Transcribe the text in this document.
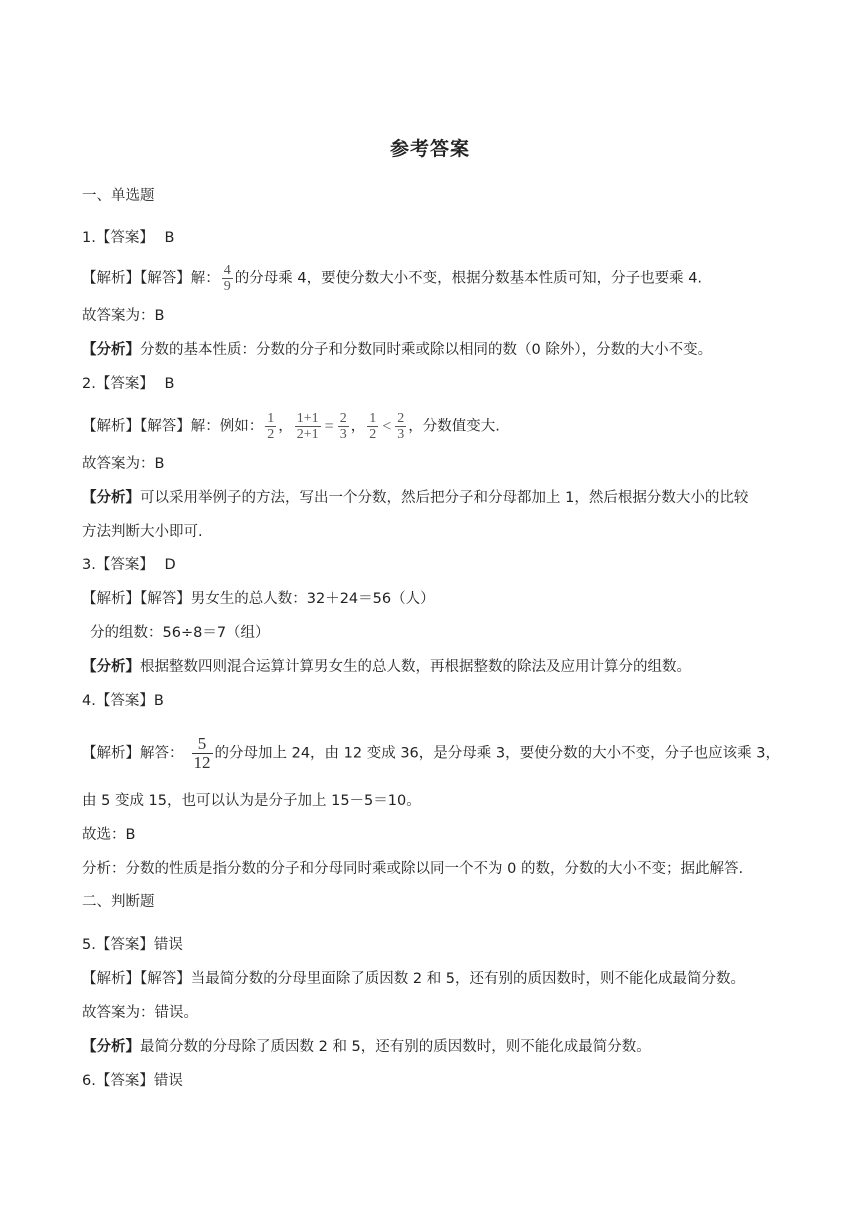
参考答案
一、单选题
1.【答案】 B
【解析】【解答】解： $\frac{4}{9}$ 的分母乘 4，要使分数大小不变，根据分数基本性质可知，分子也要乘 4.
故答案为：B
【分析】分数的基本性质：分数的分子和分数同时乘或除以相同的数（0 除外），分数的大小不变。
2.【答案】 B
【解析】【解答】解：例如： $\frac{1}{2}$ ， $\frac{1+1}{2+1} = \frac{2}{3}$ ， $\frac{1}{2} < \frac{2}{3}$ ，分数值变大.
故答案为：B
【分析】可以采用举例子的方法，写出一个分数，然后把分子和分母都加上 1，然后根据分数大小的比较
方法判断大小即可.
3.【答案】 D
【解析】【解答】男女生的总人数：32＋24＝56（人）
分的组数：56÷8＝7（组）
【分析】根据整数四则混合运算计算男女生的总人数，再根据整数的除法及应用计算分的组数。
4.【答案】B
【解析】解答： $\frac{5}{12}$ 的分母加上 24，由 12 变成 36，是分母乘 3，要使分数的大小不变，分子也应该乘 3，
由 5 变成 15，也可以认为是分子加上 15－5＝10。
故选：B
分析：分数的性质是指分数的分子和分母同时乘或除以同一个不为 0 的数，分数的大小不变；据此解答.
二、判断题
5.【答案】错误
【解析】【解答】当最简分数的分母里面除了质因数 2 和 5，还有别的质因数时，则不能化成最简分数。
故答案为：错误。
【分析】最简分数的分母除了质因数 2 和 5，还有别的质因数时，则不能化成最简分数。
6.【答案】错误
